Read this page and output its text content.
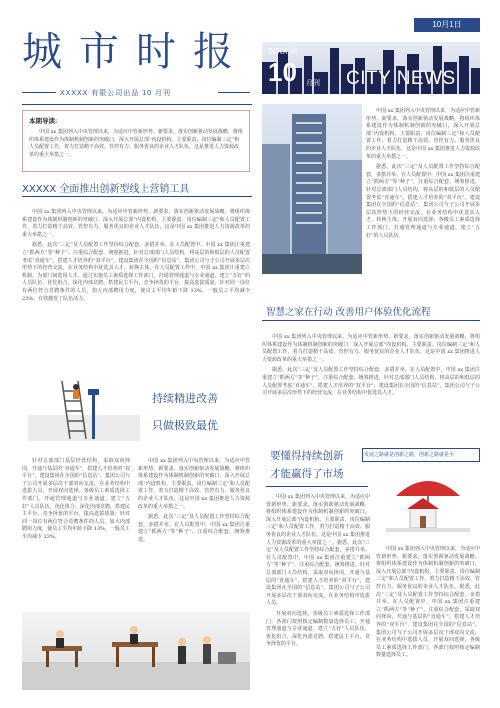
10月1日
城市时报
XXXXX 有限公司出品 10 月刊
20XX 年
10 月刊 CITY NEWS
本期导读:
中国 xx 集团列入中央管理以来，为适应中管新形势、新要求，落实创新驱动发展战略，将组织体系建设作为体制机制创新的突破口，深入开展总部“内设机构、主要职责、岗位编制三定”和人员配置工作，着力打造精干高效、管控有力、服务优良的企业人才队伍，这是推进人力资源改革的重大举措之一。
XXXXX 全面推出创新型线上营销工具

中国 xx 集团列入中央管理以来，为适应中管新形势、新要求，落实创新驱动发展战略，将组织体系建设作为体制机制创新的突破口，深入开展总部“内设机构、主要职责、岗位编制三定”和人员配置工作，着力打造精干高效、管控有力、服务优良的企业人才队伍，这是中国 xx 集团推进人力资源改革的重大举措之一。

据悉，此次“三定”及人员配置工作坚持综合配套，多措并举。在人员配置中，中国 xx 集团注重建立“抓两方”等“种子”、注重综合配套、统筹推进，针对总部部门人员结构，将高层的和低层的人员配置考虑“直通车”，搭建人才培养的“双平台”，建设集团在全国的“信息站”，集团公司与子公司开展多层次形势下的经营交流，在业务结构中优选其人才、转换主体。在人员配置工作中，中国 xx 集团注重建立机制，为部门间选用人才、通过实施员工素质选择工作部门，打通管理通道与专业通道，建立“五好”的人员队伍、优化组合，深化内部竞聘，搭建民主平台，竞争择优的平台，提高选拔质量，针对同一岗位有两位符合竞聘条件的人员，加大内部聘用力度，使员工平均年龄下降 13%，一般员工平均减少 23%，有效激发了队伍活力。

持续精进改善
只做极致最优
针对总部部门基层经营结构，采取双向择岗，开通与基层的“直通车”，搭建人才培养的“双平台”，建设集团在全国的“信息站”，集团公司与子公司开展多层次干部双向交流，在业务结构中选拔人员，开展双向选择。各级员工素质选择工作部门，开通管理通道与专业通道，建立“五好”人员队伍，优化组合；深化内部竞聘，搭建民主平台，竞争择优的平台，提高选拔质量；针对同一岗位有两位符合竞聘条件的人员，加大内部聘用力度，使员工平均年龄下降 13%，一般员工平均减少 23%。

中国 xx 集团列入中央管理以来，为适应中管新形势、新要求，落实创新驱动发展战略，将组织体系建设作为体制机制创新的突破口，深入开展总部“内设机构、主要职责、岗位编制三定”和人员配置工作，着力打造精干高效、管控有力、服务优良的企业人才队伍，这是中国 xx 集团推进人力资源改革的重大举措之一。

据悉，此次“三定”及人员配置工作坚持综合配套，多措并举。在人员配置中，中国 xx 集团注重建立“抓两方”等“种子”、注重综合配套、统筹推进。

中国 xx 集团列入中央管理以来，为适应中管新形势、新要求，落实创新驱动发展战略，将组织体系建设作为体制机制创新的突破口，深入开展总部“内设机构、主要职责、岗位编制三定”和人员配置工作，着力打造精干高效、管控有力、服务优良的企业人才队伍，这是中国 xx 集团推进人力资源改革的重大举措之一。

据悉，此次“三定”及人员配置工作坚持综合配套，多措并举。在人员配置中，中国 xx 集团注重建立“抓两方”等“种子”，注重综合配套、统筹推进，针对总部部门人员结构，将高层的和低层的人员配置考虑“直通车”，搭建人才培养的“双平台”，建设集团在全国的“信息站”，集团公司与子公司开展多层次形势下的经营交流，在业务结构中优选其人才，转换主体，开展双向选择；各级员工素质选择工作部门，打通管理通道与专业通道，建立“五好”的人员队伍。

智慧之家在行动 改善用户体验优化流程

中国 xx 集团列入中央管理以来，为适应中管新形势、新要求，落实创新驱动发展战略，将组织体系建设作为体制机制创新的突破口，深入开展总部“内设机构、主要职责、岗位编制三定”和人员配置工作，着力打造精干高效、管控有力、服务优良的企业人才队伍，这是中国 xx 集团推进人力资源改革的重大举措之一。

据悉，此次“三定”及人员配置工作坚持综合配套，多措并举。在人员配置中，中国 xx 集团注重建立“抓两方”等“种子”，注重综合配套、统筹推进，针对总部部门人员结构，将高层的和低层的人员配置考虑“直通车”，搭建人才培养的“双平台”，建设集团在全国的“信息站”，集团公司与子公司开展多层次形势下的经营交流，在业务结构中优选其人才。

要懂得持续创新
才能赢得了市场
发展之路就是创新之路，创新之路就是全

中国 xx 集团列入中央管理以来，为适应中管新形势、新要求，落实创新驱动发展战略，将组织体系建设作为体制机制创新的突破口，深入开展总部“内设机构、主要职责、岗位编制三定”和人员配置工作，着力打造精干高效、服务优良的企业人才队伍，这是中国 xx 集团推进人力资源改革的重大举措之一。据悉，此次“三定”及人员配置工作坚持综合配套，多措并举。在人员配置中，中国 xx 集团注重建立“抓两方”等“种子”，注重综合配套、统筹推进，针对总部部门人员结构，采取双向择岗，开通与基层的“直通车”，搭建人才培养的“双平台”，建设集团在全国的“信息站”，集团公司与子公司开展多层次干部双向交流，在业务结构中选拔人员。

开展双向选择。各级员工素质选择工作部门，各部门按照核定编制数量选择员工，开通管理通道与专业通道，建立“五好”人员队伍，优化组合，深化内部竞聘，搭建民主平台，竞争择优的平台。

中国 xx 集团列入中央管理以来，为适应中管新形势、新要求，落实创新驱动发展战略，将组织体系建设作为体制机制创新的突破口，深入开展总部“内设机构、主要职责、岗位编制三定”和人员配置工作，着力打造精干高效、管控有力、服务优良的企业人才队伍。据悉，此次“三定”及人员配置工作坚持综合配套，多措并举。在人员配置中，中国 xx 集团注重建立“抓两方”等“种子”，注重综合配套，采取双向择岗，开通与基层的“直通车”，搭建人才培养的“双平台”，建设集团在全国的“信息站”，集团公司与子公司开展多层次干部双向交流，在业务结构中选拔人员，开展双向选择，各级员工素质选择工作部门，各部门按照核定编制数量选择员工。
